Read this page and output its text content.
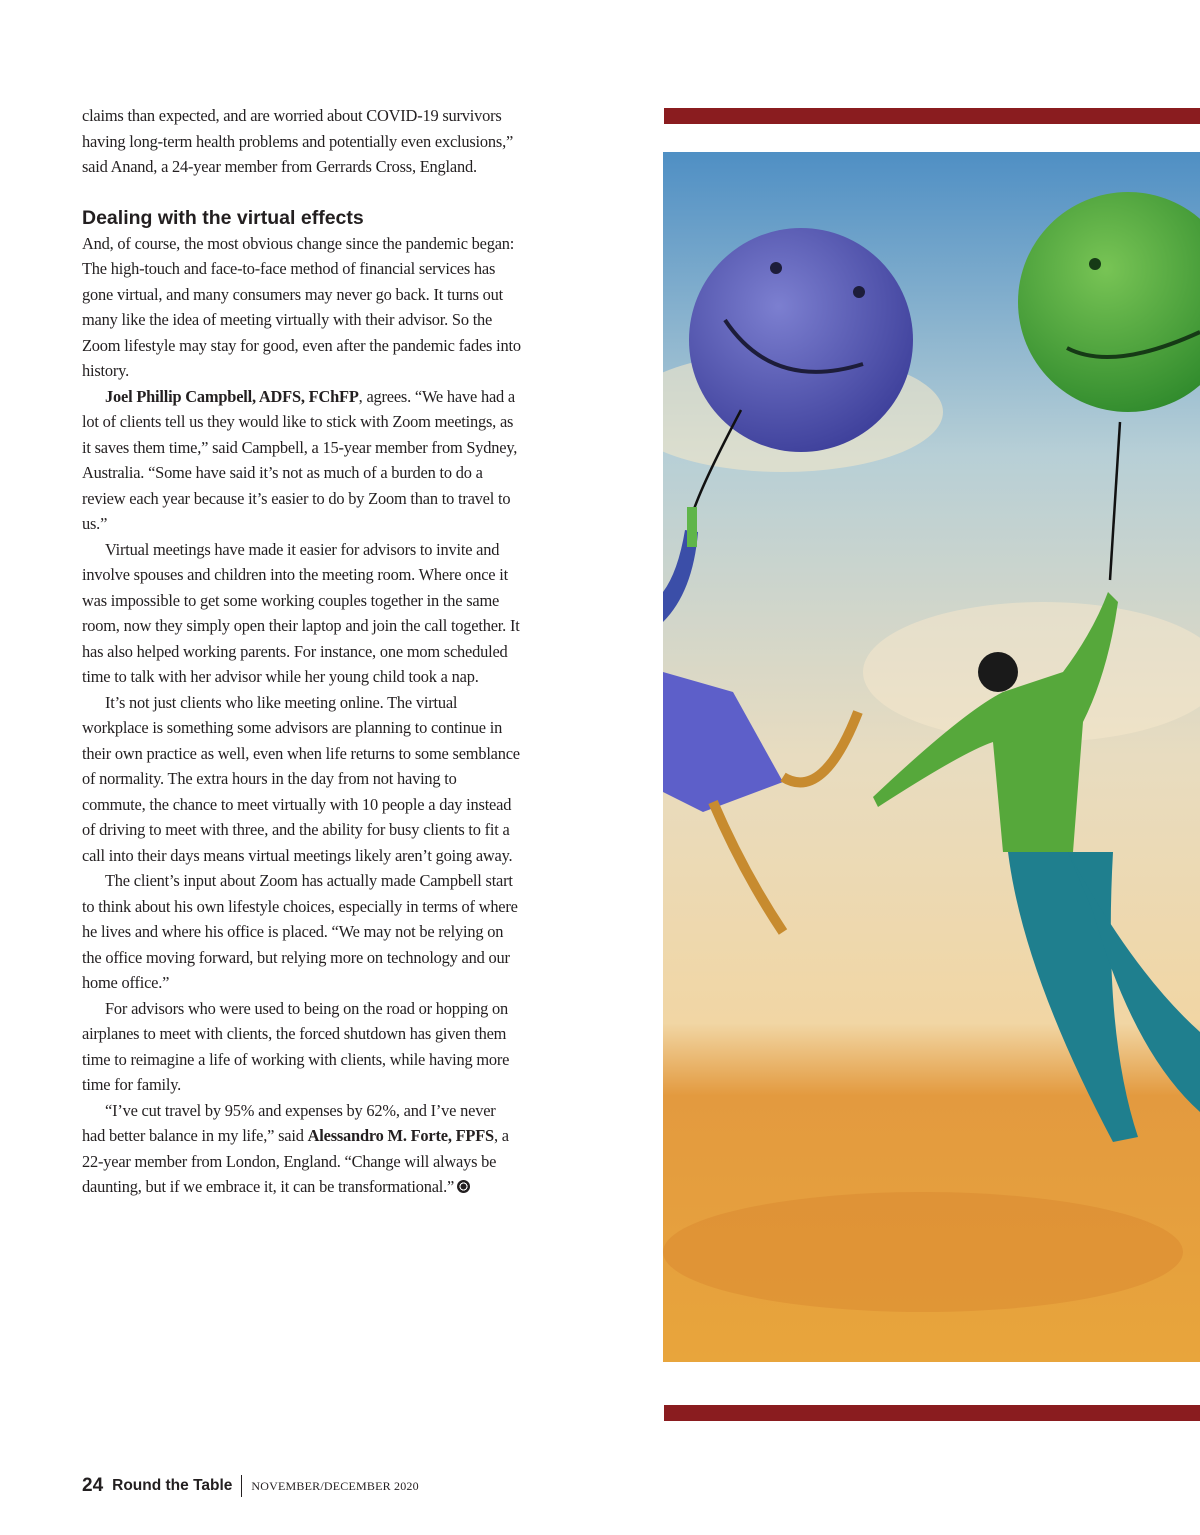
claims than expected, and are worried about COVID-19 survivors having long-term health problems and potentially even exclusions,” said Anand, a 24-year member from Gerrards Cross, England.

Dealing with the virtual effects

And, of course, the most obvious change since the pandemic began: The high-touch and face-to-face method of financial services has gone virtual, and many consumers may never go back. It turns out many like the idea of meeting virtually with their advisor. So the Zoom lifestyle may stay for good, even after the pandemic fades into history.

Joel Phillip Campbell, ADFS, FChFP, agrees. “We have had a lot of clients tell us they would like to stick with Zoom meetings, as it saves them time,” said Campbell, a 15-year member from Sydney, Australia. “Some have said it’s not as much of a burden to do a review each year because it’s easier to do by Zoom than to travel to us.”

Virtual meetings have made it easier for advisors to invite and involve spouses and children into the meeting room. Where once it was impossible to get some working couples together in the same room, now they simply open their laptop and join the call together. It has also helped working parents. For instance, one mom scheduled time to talk with her advisor while her young child took a nap.

It’s not just clients who like meeting online. The virtual workplace is something some advisors are planning to continue in their own practice as well, even when life returns to some semblance of normality. The extra hours in the day from not having to commute, the chance to meet virtually with 10 people a day instead of driving to meet with three, and the ability for busy clients to fit a call into their days means virtual meetings likely aren’t going away.

The client’s input about Zoom has actually made Campbell start to think about his own lifestyle choices, especially in terms of where he lives and where his office is placed. “We may not be relying on the office moving forward, but relying more on technology and our home office.”

For advisors who were used to being on the road or hopping on airplanes to meet with clients, the forced shutdown has given them time to reimagine a life of working with clients, while having more time for family.

“I’ve cut travel by 95% and expenses by 62%, and I’ve never had better balance in my life,” said Alessandro M. Forte, FPFS, a 22-year member from London, England. “Change will always be daunting, but if we embrace it, it can be transformational.”

24 Round the Table NOVEMBER/DECEMBER 2020
